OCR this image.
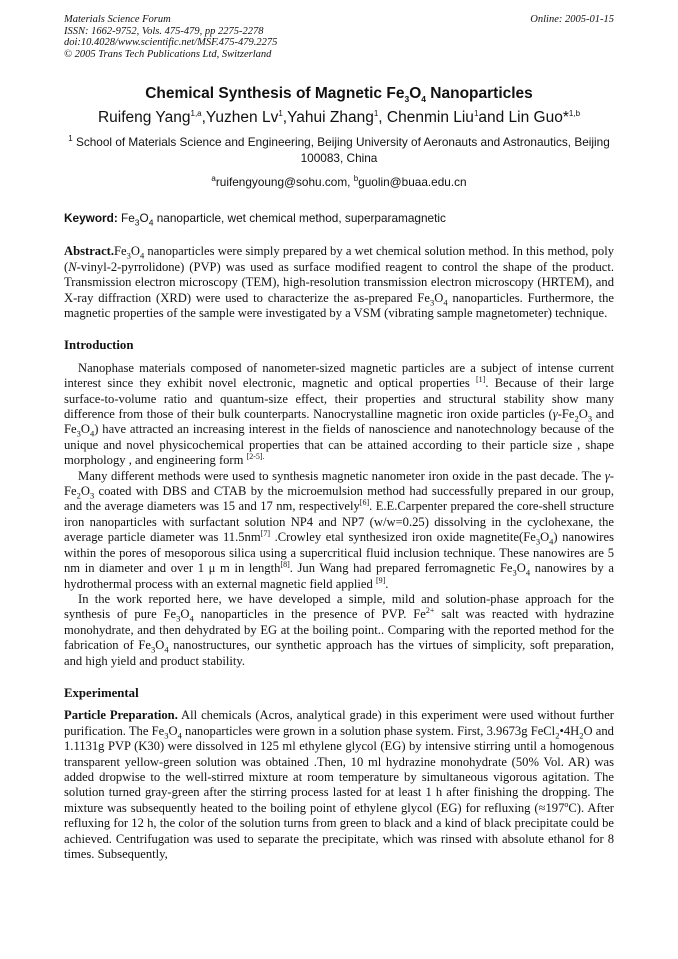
Materials Science Forum
ISSN: 1662-9752, Vols. 475-479, pp 2275-2278
doi:10.4028/www.scientific.net/MSF.475-479.2275
© 2005 Trans Tech Publications Ltd, Switzerland
Online: 2005-01-15
Chemical Synthesis of Magnetic $Fe_3O_4$ Nanoparticles
Ruifeng Yang$^{1,a}$,Yuzhen Lv$^1$,Yahui Zhang$^1$, Chenmin Liu$^1$and Lin Guo*$^{1,b}$
$^1$ School of Materials Science and Engineering, Beijing University of Aeronauts and Astronautics, Beijing 100083, China
$^a$ruifengyoung@sohu.com, $^b$guolin@buaa.edu.cn
Keyword: $Fe_3O_4$ nanoparticle, wet chemical method, superparamagnetic

$Abstract.Fe_3O_4$ nanoparticles were simply prepared by a wet chemical solution method. In this method, poly (N-vinyl-2-pyrrolidone) (PVP) was used as surface modified reagent to control the shape of the product. Transmission electron microscopy (TEM), high-resolution transmission electron microscopy (HRTEM), and X-ray diffraction (XRD) were used to characterize the as-prepared $Fe_3O_4$ nanoparticles. Furthermore, the magnetic properties of the sample were investigated by a VSM (vibrating sample magnetometer) technique.

Introduction

Nanophase materials composed of nanometer-sized magnetic particles are a subject of intense current interest since they exhibit novel electronic, magnetic and optical properties [1]. Because of their large surface-to-volume ratio and quantum-size effect, their properties and structural stability show many difference from those of their bulk counterparts. Nanocrystalline magnetic iron oxide particles ($\gamma-Fe_2O_3$ and $Fe_3O_4$) have attracted an increasing interest in the fields of nanoscience and nanotechnology because of the unique and novel physicochemical properties that can be attained according to their particle size , shape morphology , and engineering form $^{[2-5].}$

Many different methods were used to synthesis magnetic nanometer iron oxide in the past decade. The $\gamma-Fe_2O_3$ coated with DBS and CTAB by the microemulsion method had successfully prepared in our group, and the average diameters was 15 and 17 nm, respectively[6]. E.E.Carpenter prepared the core-shell structure iron nanoparticles with surfactant solution NP4 and NP7 (w/w=0.25) dissolving in the cyclohexane, the average particle diameter was 11.5nm[7] .Crowley etal synthesized iron oxide $magnetite(Fe_3O_4)$ nanowires within the pores of mesoporous silica using a supercritical fluid inclusion technique. These nanowires are 5 nm in diameter and over 1 μ m in length[8]. Jun Wang had prepared ferromagnetic $Fe_3O_4$ nanowires by a hydrothermal process with an external magnetic field applied [9].

In the work reported here, we have developed a simple, mild and solution-phase approach for the synthesis of pure $Fe_3O_4$ nanoparticles in the presence of PVP. $Fe^{2+}$ salt was reacted with hydrazine monohydrate, and then dehydrated by EG at the boiling point.. Comparing with the reported method for the fabrication of $Fe_3O_4$ nanostructures, our synthetic approach has the virtues of simplicity, soft preparation, and high yield and product stability.

Experimental

Particle Preparation. All chemicals (Acros, analytical grade) in this experiment were used without further purification. The $Fe_3O_4$ nanoparticles were grown in a solution phase system. First, 3.9673g $FeCl_2•4H_2O$ and 1.1131g PVP (K30) were dissolved in 125 ml ethylene glycol (EG) by intensive stirring until a homogenous transparent yellow-green solution was obtained .Then, 10 ml hydrazine monohydrate (50% Vol. AR) was added dropwise to the well-stirred mixture at room temperature by simultaneous vigorous agitation. The solution turned gray-green after the stirring process lasted for at least 1 h after finishing the dropping. The mixture was subsequently heated to the boiling point of ethylene glycol (EG) for refluxing $(\approx 197^oC)$. After refluxing for 12 h, the color of the solution turns from green to black and a kind of black precipitate could be achieved. Centrifugation was used to separate the precipitate, which was rinsed with absolute ethanol for 8 times. Subsequently,
